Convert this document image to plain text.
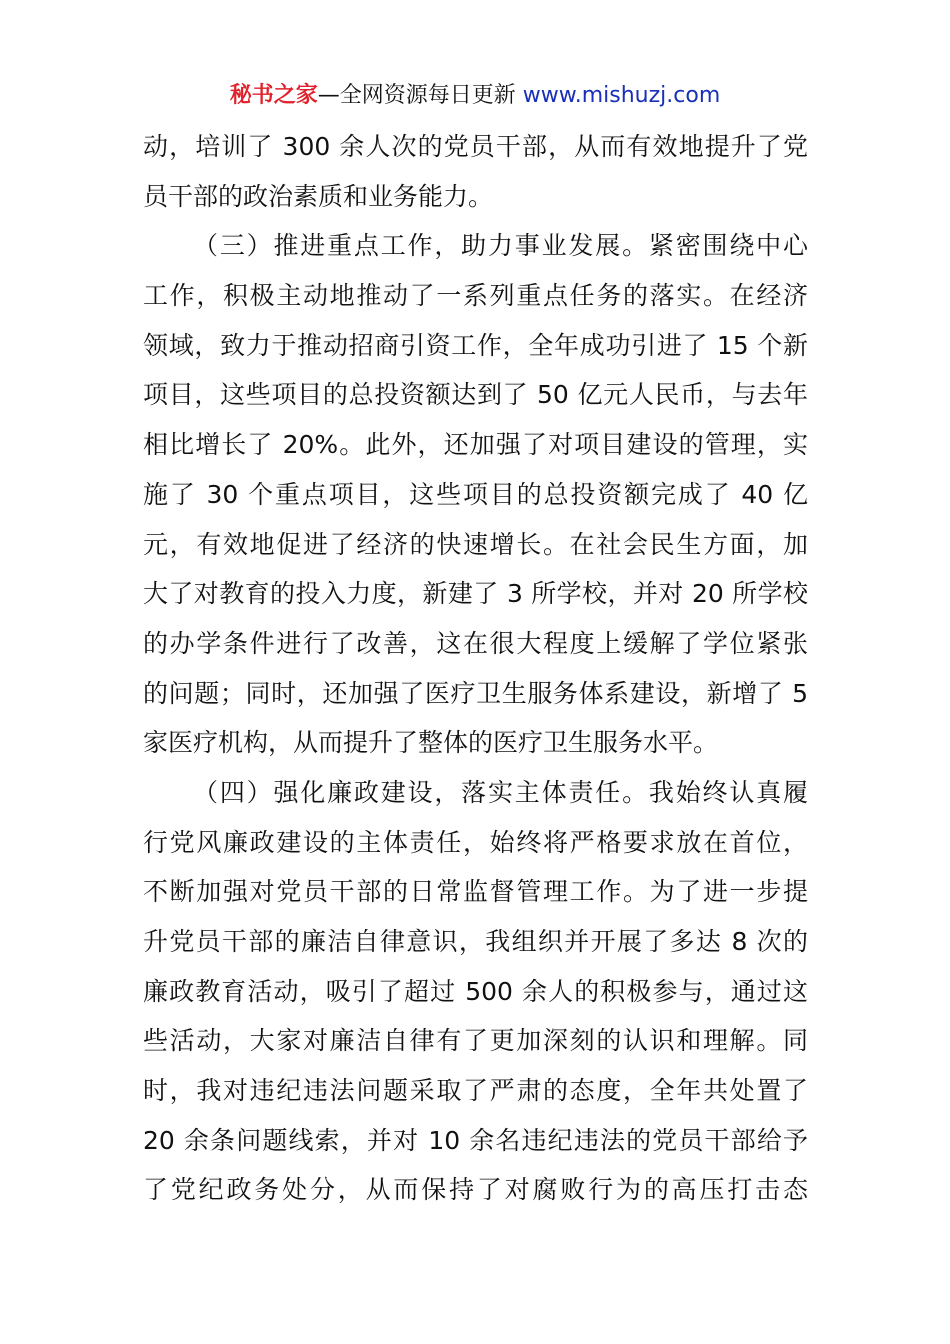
秘书之家—全网资源每日更新 www.mishuzj.com
动，培训了 300 余人次的党员干部，从而有效地提升了党
员干部的政治素质和业务能力。
（三）推进重点工作，助力事业发展。紧密围绕中心
工作，积极主动地推动了一系列重点任务的落实。在经济
领域，致力于推动招商引资工作，全年成功引进了 15 个新
项目，这些项目的总投资额达到了 50 亿元人民币，与去年
相比增长了 20%。此外，还加强了对项目建设的管理，实
施了 30 个重点项目，这些项目的总投资额完成了 40 亿
元，有效地促进了经济的快速增长。在社会民生方面，加
大了对教育的投入力度，新建了 3 所学校，并对 20 所学校
的办学条件进行了改善，这在很大程度上缓解了学位紧张
的问题；同时，还加强了医疗卫生服务体系建设，新增了 5
家医疗机构，从而提升了整体的医疗卫生服务水平。
（四）强化廉政建设，落实主体责任。我始终认真履
行党风廉政建设的主体责任，始终将严格要求放在首位，
不断加强对党员干部的日常监督管理工作。为了进一步提
升党员干部的廉洁自律意识，我组织并开展了多达 8 次的
廉政教育活动，吸引了超过 500 余人的积极参与，通过这
些活动，大家对廉洁自律有了更加深刻的认识和理解。同
时，我对违纪违法问题采取了严肃的态度，全年共处置了
20 余条问题线索，并对 10 余名违纪违法的党员干部给予
了党纪政务处分，从而保持了对腐败行为的高压打击态
